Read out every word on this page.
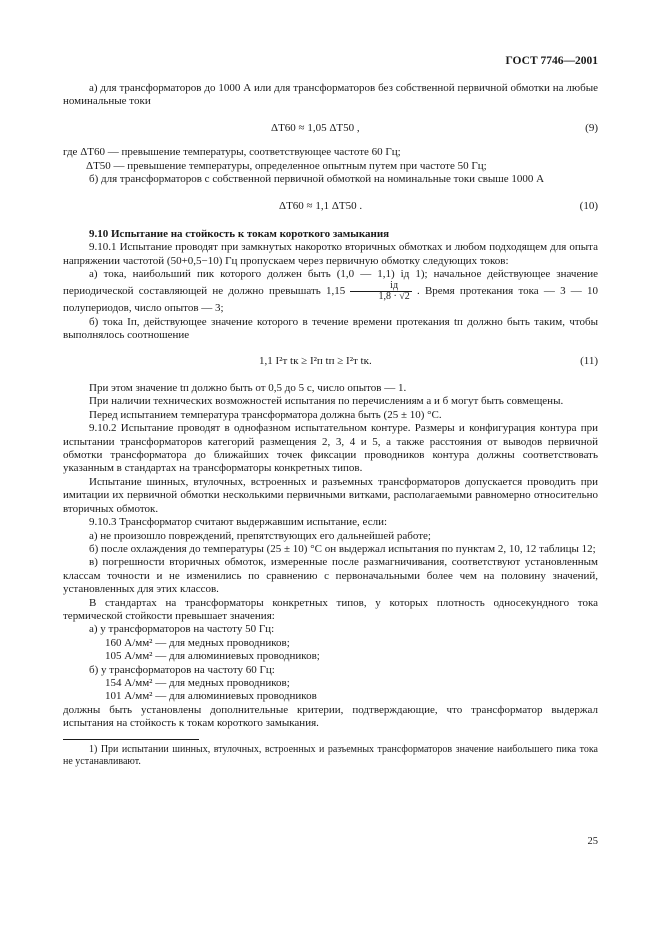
ГОСТ 7746—2001

а) для трансформаторов до 1000 А или для трансформаторов без собственной первичной обмотки на любые номинальные токи

ΔT60 ≈ 1,05 ΔT50 ,	(9)

где ΔT60 — превышение температуры, соответствующее частоте 60 Гц;

ΔT50 — превышение температуры, определенное опытным путем при частоте 50 Гц;

б) для трансформаторов с собственной первичной обмоткой на номинальные токи свыше 1000 А

ΔT60 ≈ 1,1 ΔT50 .	(10)

9.10 Испытание на стойкость к токам короткого замыкания

9.10.1 Испытание проводят при замкнутых накоротко вторичных обмотках и любом подходящем для опыта напряжении частотой (50+0,5−10) Гц пропускаем через первичную обмотку следующих токов:

а) тока, наибольший пик которого должен быть (1,0 — 1,1) iд 1); начальное действующее значение периодической составляющей не должно превышать $1,15 \frac{iд}{1,8 \cdot √2}$ . Время протекания тока — 3 — 10 полупериодов, число опытов — 3;

б) тока Iп, действующее значение которого в течение времени протекания tп должно быть таким, чтобы выполнялось соотношение

1,1 I²т tк ≥ I²п tп ≥ I²т tк.	(11)

При этом значение tп должно быть от 0,5 до 5 с, число опытов — 1.

При наличии технических возможностей испытания по перечислениям а и б могут быть совмещены.

Перед испытанием температура трансформатора должна быть (25 ± 10) °С.

9.10.2 Испытание проводят в однофазном испытательном контуре. Размеры и конфигурация контура при испытании трансформаторов категорий размещения 2, 3, 4 и 5, а также расстояния от выводов первичной обмотки трансформатора до ближайших точек фиксации проводников контура должны соответствовать указанным в стандартах на трансформаторы конкретных типов.

Испытание шинных, втулочных, встроенных и разъемных трансформаторов допускается проводить при имитации их первичной обмотки несколькими первичными витками, располагаемыми равномерно относительно вторичных обмоток.

9.10.3 Трансформатор считают выдержавшим испытание, если:

а) не произошло повреждений, препятствующих его дальнейшей работе;

б) после охлаждения до температуры (25 ± 10) °С он выдержал испытания по пунктам 2, 10, 12 таблицы 12;

в) погрешности вторичных обмоток, измеренные после размагничивания, соответствуют установленным классам точности и не изменились по сравнению с первоначальными более чем на половину значений, установленных для этих классов.

В стандартах на трансформаторы конкретных типов, у которых плотность односекундного тока термической стойкости превышает значения:

а) у трансформаторов на частоту 50 Гц:

160 А/мм² — для медных проводников;

105 А/мм² — для алюминиевых проводников;

б) у трансформаторов на частоту 60 Гц:

154 А/мм² — для медных проводников;

101 А/мм² — для алюминиевых проводников

должны быть установлены дополнительные критерии, подтверждающие, что трансформатор выдержал испытания на стойкость к токам короткого замыкания.

1) При испытании шинных, втулочных, встроенных и разъемных трансформаторов значение наибольшего пика тока не устанавливают.

25
